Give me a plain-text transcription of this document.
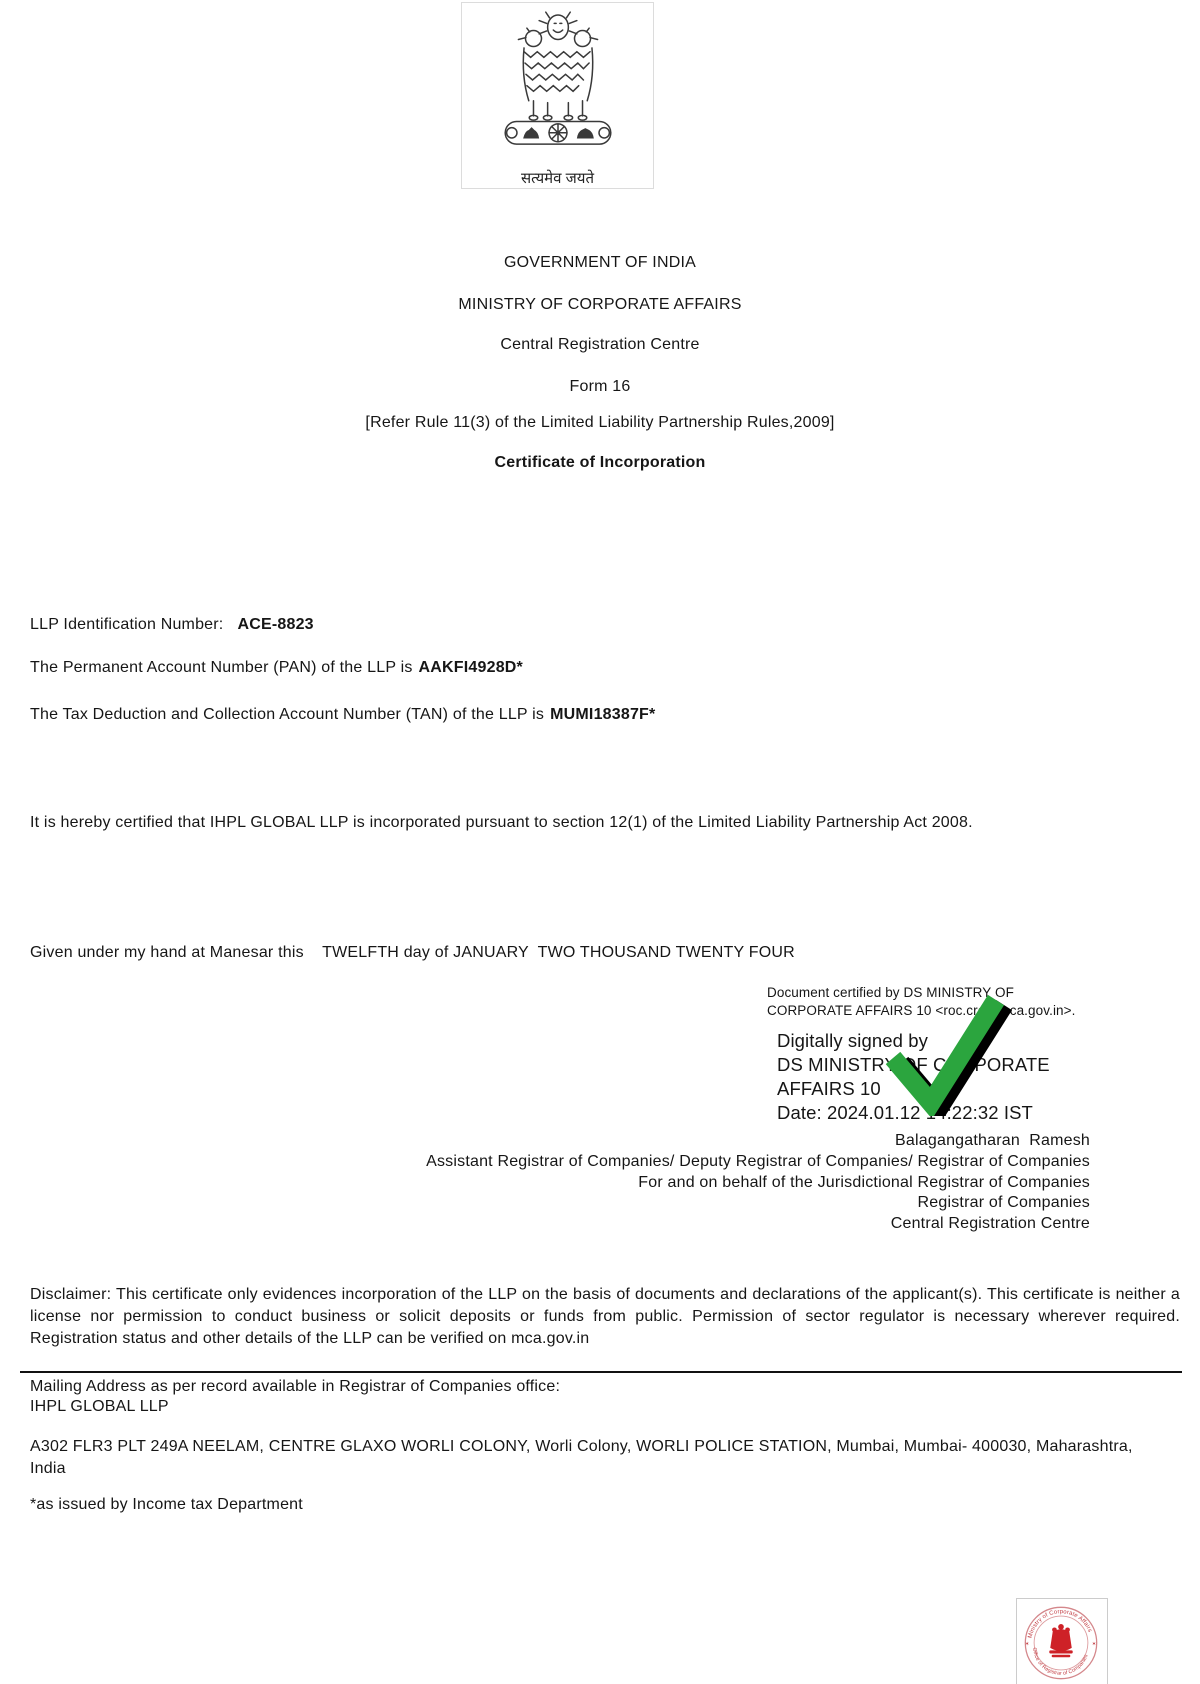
सत्यमेव जयते
GOVERNMENT OF INDIA
MINISTRY OF CORPORATE AFFAIRS
Central Registration Centre
Form 16
[Refer Rule 11(3) of the Limited Liability Partnership Rules,2009]
Certificate of Incorporation
LLP Identification Number: ACE-8823
The Permanent Account Number (PAN) of the LLP is AAKFI4928D*
The Tax Deduction and Collection Account Number (TAN) of the LLP is MUMI18387F*
It is hereby certified that IHPL GLOBAL LLP is incorporated pursuant to section 12(1) of the Limited Liability Partnership Act 2008.
Given under my hand at Manesar this    TWELFTH day of JANUARY  TWO THOUSAND TWENTY FOUR
Document certified by DS MINISTRY OF
CORPORATE AFFAIRS 10 <roc.crc@mca.gov.in>.
Digitally signed by
DS MINISTRY OF CORPORATE
AFFAIRS 10
Date: 2024.01.12 14:22:32 IST
Balagangatharan  Ramesh
Assistant Registrar of Companies/ Deputy Registrar of Companies/ Registrar of Companies
For and on behalf of the Jurisdictional Registrar of Companies
Registrar of Companies
Central Registration Centre
Disclaimer: This certificate only evidences incorporation of the LLP on the basis of documents and declarations of the applicant(s). This certificate is neither a license nor permission to conduct business or solicit deposits or funds from public. Permission of sector regulator is necessary wherever required. Registration status and other details of the LLP can be verified on mca.gov.in
Mailing Address as per record available in Registrar of Companies office:
IHPL GLOBAL LLP
A302 FLR3 PLT 249A NEELAM, CENTRE GLAXO WORLI COLONY, Worli Colony, WORLI POLICE STATION, Mumbai, Mumbai- 400030, Maharashtra, India
*as issued by Income tax Department
Ministry of Corporate Affairs
Office of Registrar of Companies
✶	✶
